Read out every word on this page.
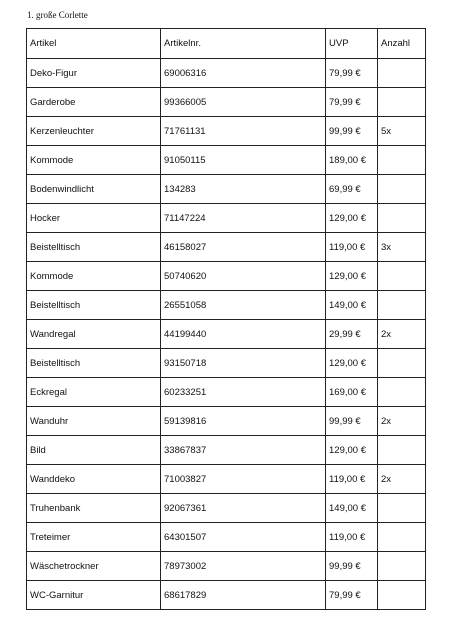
1. große Corlette
Artikel	Artikelnr.	UVP	Anzahl
Deko-Figur	69006316	79,99 €	
Garderobe	99366005	79,99 €	
Kerzenleuchter	71761131	99,99 €	5x
Kommode	91050115	189,00 €	
Bodenwindlicht	134283	69,99 €	
Hocker	71147224	129,00 €	
Beistelltisch	46158027	119,00 €	3x
Kommode	50740620	129,00 €	
Beistelltisch	26551058	149,00 €	
Wandregal	44199440	29,99 €	2x
Beistelltisch	93150718	129,00 €	
Eckregal	60233251	169,00 €	
Wanduhr	59139816	99,99 €	2x
Bild	33867837	129,00 €	
Wanddeko	71003827	119,00 €	2x
Truhenbank	92067361	149,00 €	
Treteimer	64301507	119,00 €	
Wäschetrockner	78973002	99,99 €	
WC-Garnitur	68617829	79,99 €	
